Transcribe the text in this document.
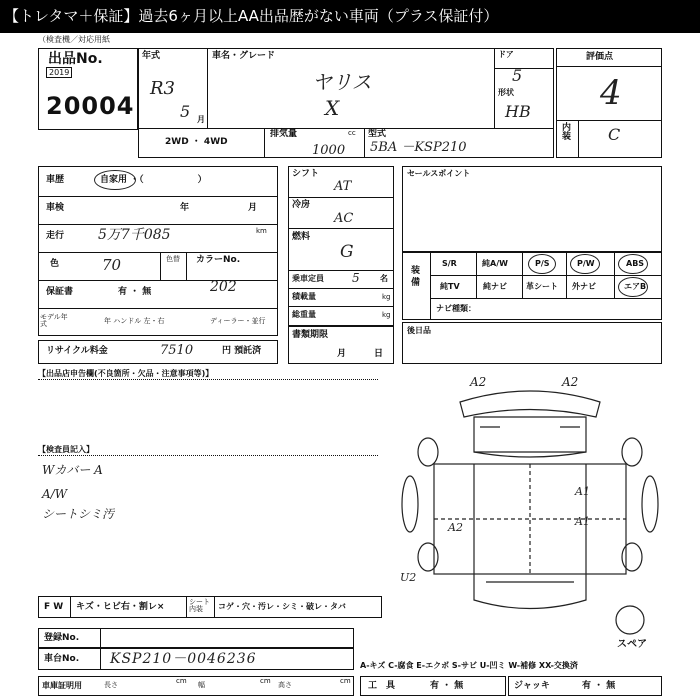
【トレタマ＋保証】過去6ヶ月以上AA出品歴がない車両（プラス保証付）
（検査機／対応用紙
出品No.
2019
20004
年式
R3
5 月
車名・グレード
ヤリス
X
ドア
5
形状
HB
2WD ・ 4WD
排気量	cc
1000
型式
5BA －KSP210
評価点
4
内装 C
車歴	自家用 ・（　　　　　　）
車検	年	月
走行 5万7千085	km
色	70	色替 カラーNo.
202
保証書	有 ・ 無
モデル年式	年 ハンドル 左・右	ディーラー・並行
リサイクル料金	7510	円 預託済
シフト
AT
冷房
AC
燃料
G
乗車定員 5	名
積載量	kg
総重量	kg
書類期限
月	日
セールスポイント
装備
S/R	純A/W	P/S	P/W	ABS
純TV	純ナビ 革シート 外ナビ	エアB
ナビ種類：
後日品
【出品店申告欄(不良箇所・欠品・注意事項等)】
【検査員記入】
Wカバー A
A/W
シートシミ汚
A2	A2
A1
A1
A2
U2
スペア
F W キズ・ヒビ右・割レ×	シート内装	コゲ・穴・汚レ・シミ・破レ・タバ
登録No.
車台No. KSP210－0046236	A-キズ C-腐食 E-エクボ S-サビ U-凹ミ W-補修 XX-交換済
車庫証明用	長さ	cm 幅	cm 高さ	cm 工　具	有 ・ 無	ジャッキ	有 ・ 無
